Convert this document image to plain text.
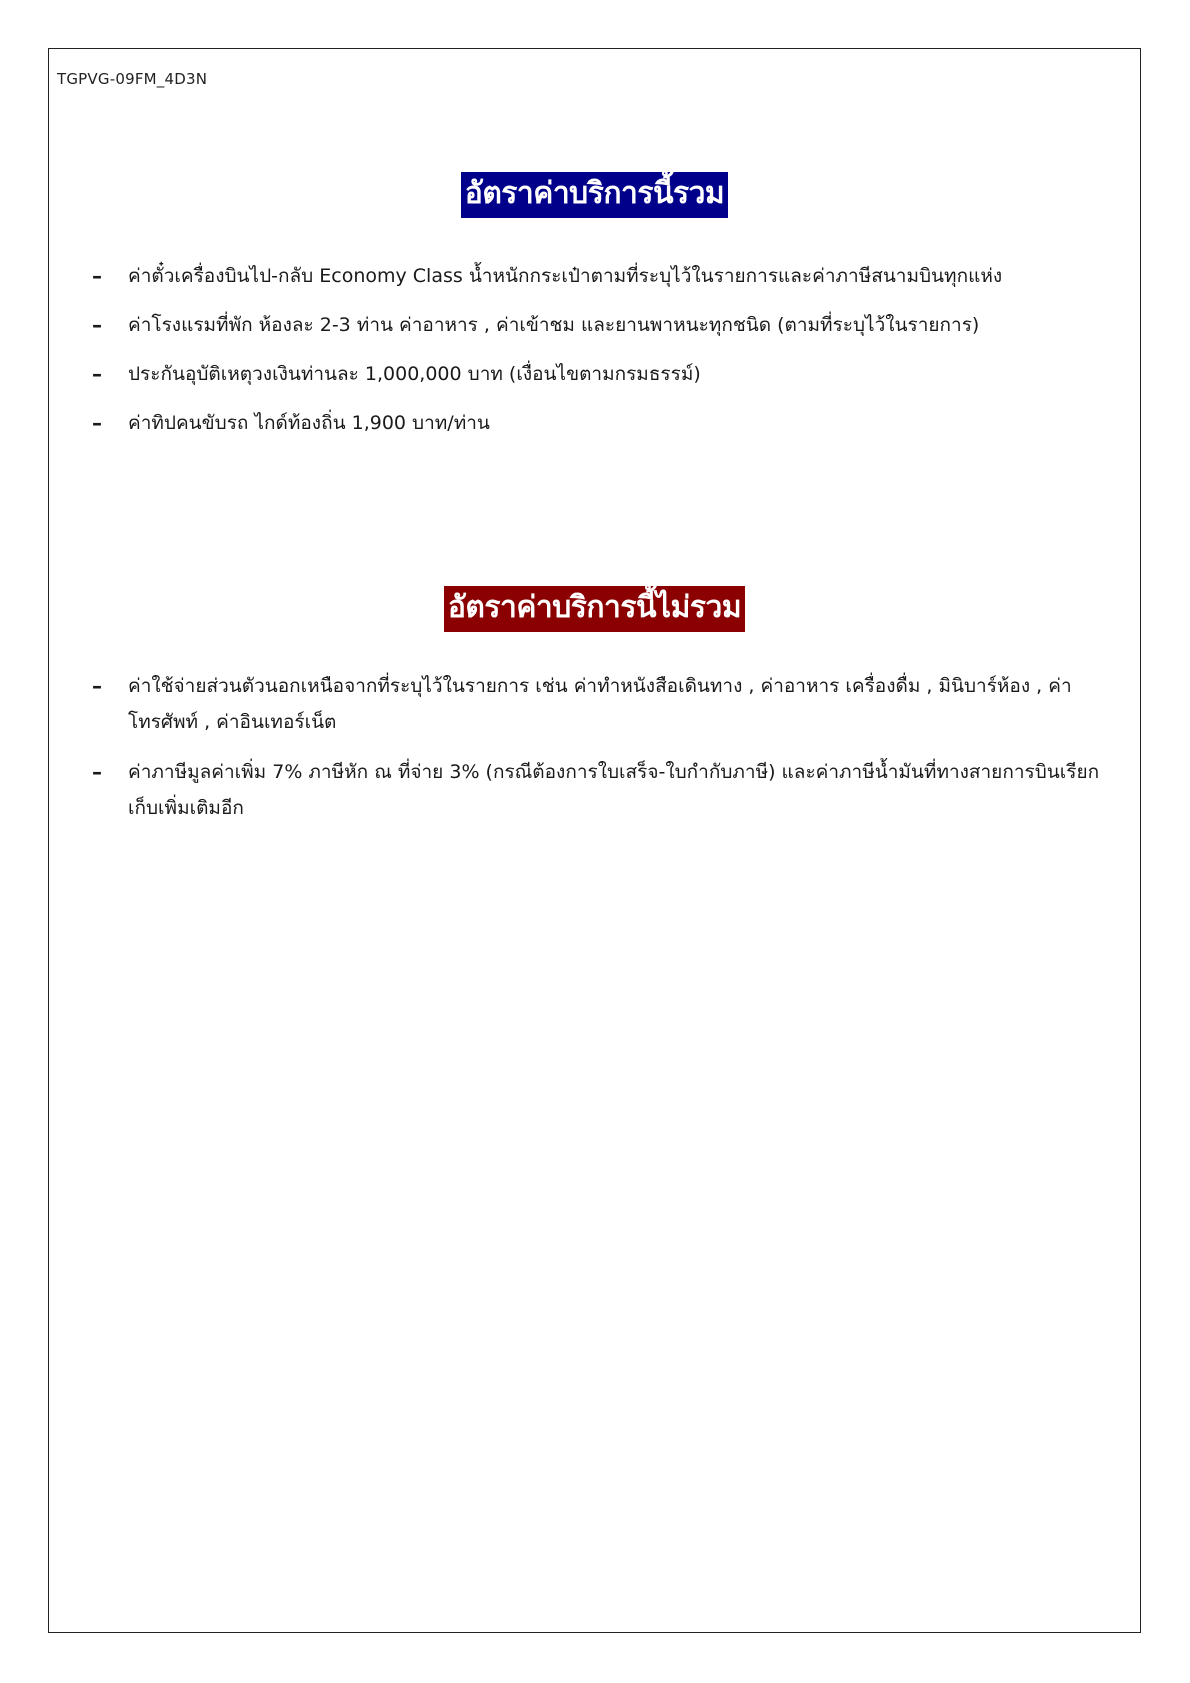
TGPVG-09FM_4D3N
อัตราค่าบริการนี้รวม
–	ค่าตั๋วเครื่องบินไป-กลับ Economy Class น้ำหนักกระเป๋าตามที่ระบุไว้ในรายการและค่าภาษีสนามบินทุกแห่ง
–	ค่าโรงแรมที่พัก ห้องละ 2-3 ท่าน ค่าอาหาร , ค่าเข้าชม และยานพาหนะทุกชนิด (ตามที่ระบุไว้ในรายการ)
–	ประกันอุบัติเหตุวงเงินท่านละ 1,000,000 บาท (เงื่อนไขตามกรมธรรม์)
–	ค่าทิปคนขับรถ ไกด์ท้องถิ่น 1,900 บาท/ท่าน
อัตราค่าบริการนี้ไม่รวม
–	ค่าใช้จ่ายส่วนตัวนอกเหนือจากที่ระบุไว้ในรายการ เช่น ค่าทำหนังสือเดินทาง , ค่าอาหาร เครื่องดื่ม , มินิบาร์ห้อง , ค่าโทรศัพท์ , ค่าอินเทอร์เน็ต
–	ค่าภาษีมูลค่าเพิ่ม 7% ภาษีหัก ณ ที่จ่าย 3% (กรณีต้องการใบเสร็จ-ใบกำกับภาษี) และค่าภาษีน้ำมันที่ทางสายการบินเรียกเก็บเพิ่มเติมอีก
